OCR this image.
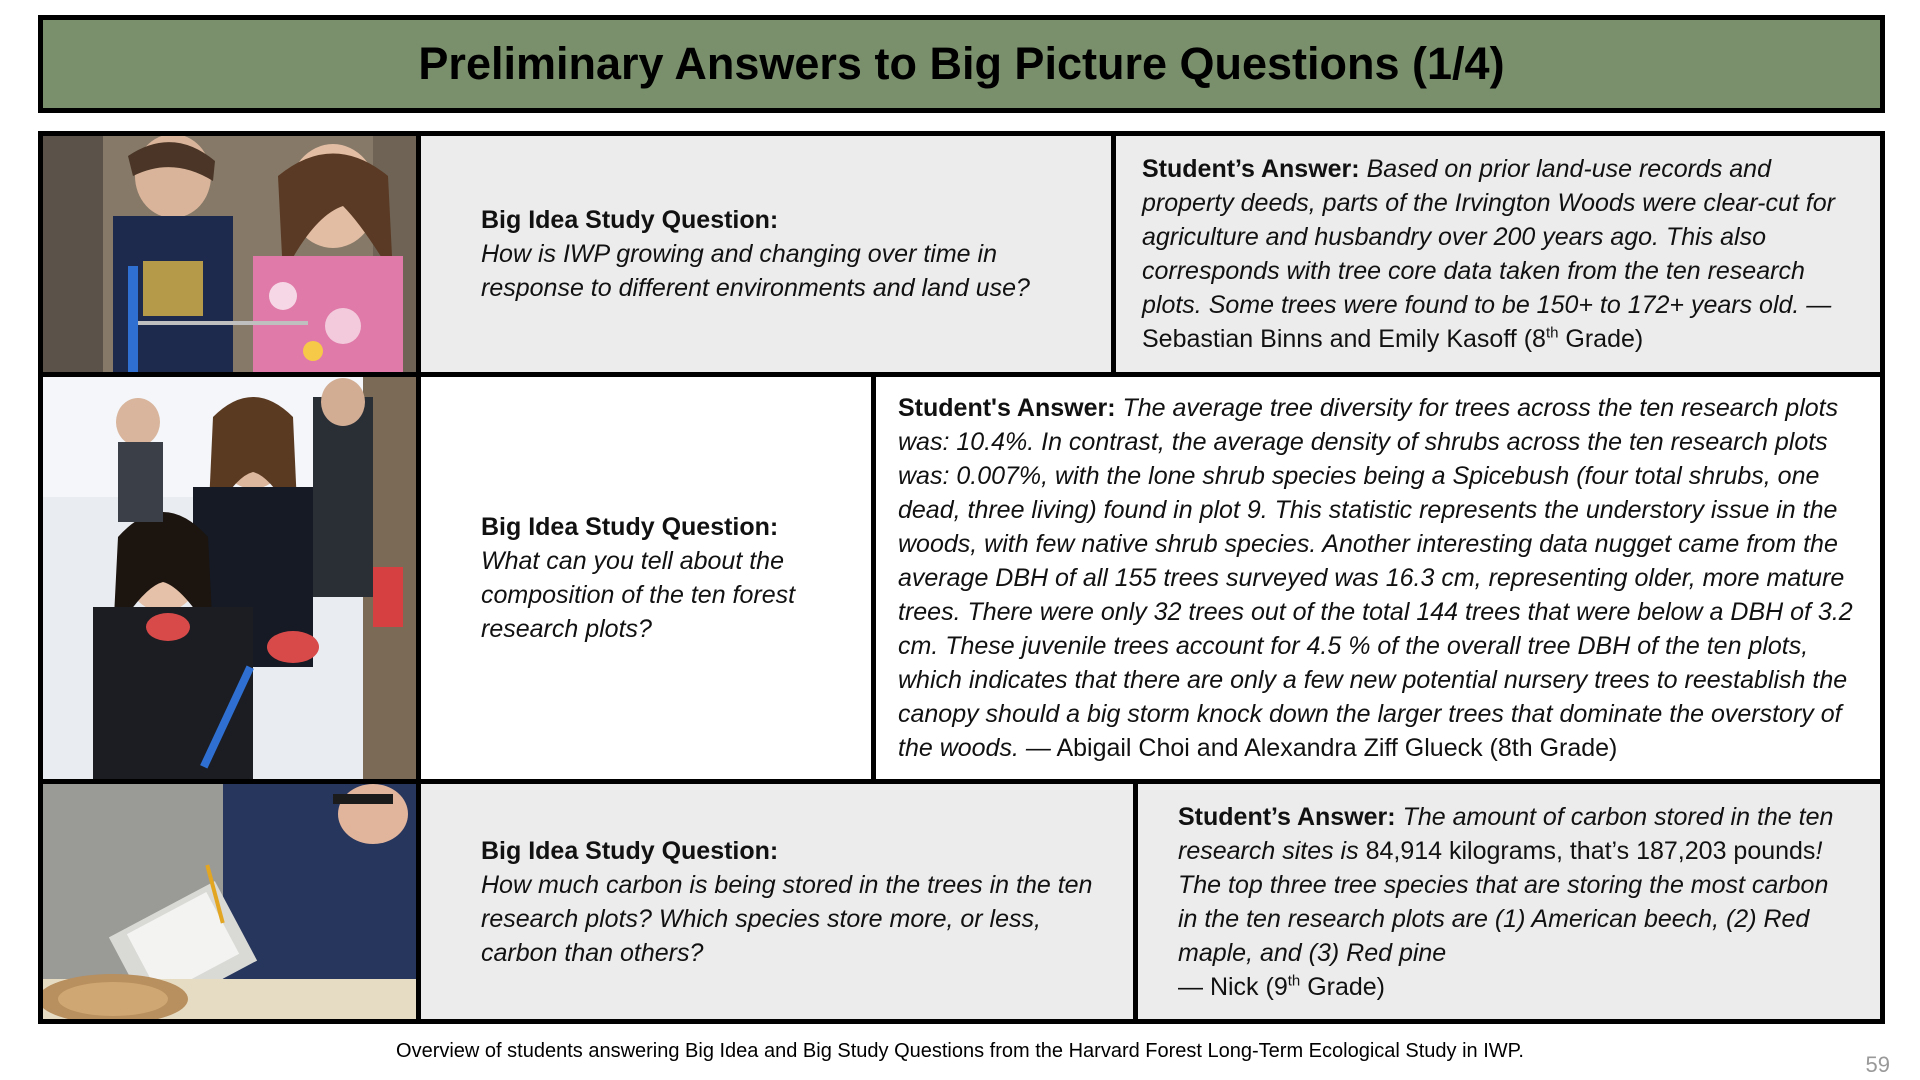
Preliminary Answers to Big Picture Questions (1/4)
Big Idea Study Question:
How is IWP growing and changing over time in response to different environments and land use?
Student’s Answer: Based on prior land-use records and property deeds, parts of the Irvington Woods were clear-cut for agriculture and husbandry over 200 years ago. This also corresponds with tree core data taken from the ten research plots. Some trees were found to be 150+ to 172+ years old. — Sebastian Binns and Emily Kasoff (8th Grade)
Big Idea Study Question:
What can you tell about the composition of the ten forest research plots?
Student's Answer: The average tree diversity for trees across the ten research plots was: 10.4%. In contrast, the average density of shrubs across the ten research plots was: 0.007%, with the lone shrub species being a Spicebush (four total shrubs, one dead, three living) found in plot 9. This statistic represents the understory issue in the woods, with few native shrub species. Another interesting data nugget came from the average DBH of all 155 trees surveyed was 16.3 cm, representing older, more mature trees. There were only 32 trees out of the total 144 trees that were below a DBH of 3.2 cm. These juvenile trees account for 4.5 % of the overall tree DBH of the ten plots, which indicates that there are only a few new potential nursery trees to reestablish the canopy should a big storm knock down the larger trees that dominate the overstory of the woods. — Abigail Choi and Alexandra Ziff Glueck (8th Grade)
Big Idea Study Question:
How much carbon is being stored in the trees in the ten research plots? Which species store more, or less, carbon than others?
Student’s Answer: The amount of carbon stored in the ten research sites is 84,914 kilograms, that’s 187,203 pounds! The top three tree species that are storing the most carbon in the ten research plots are (1) American beech, (2) Red maple, and (3) Red pine
— Nick (9th Grade)
Overview of students answering Big Idea and Big Study Questions from the Harvard Forest Long-Term Ecological Study in IWP.
59
